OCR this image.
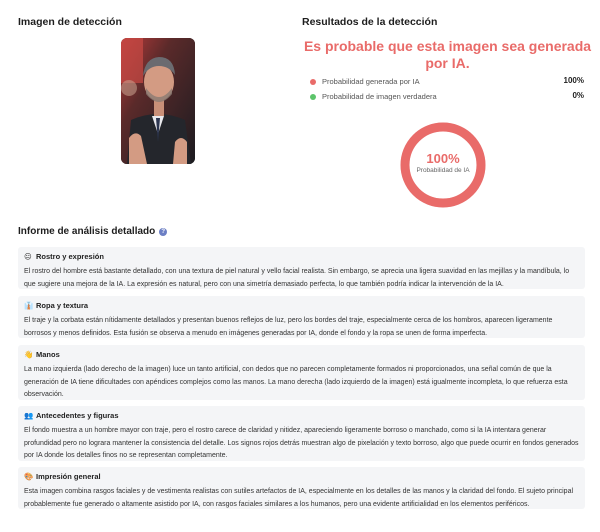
Imagen de detección	Resultados de la detección
Es probable que esta imagen sea generada por IA.
Probabilidad generada por IA	100%
Probabilidad de imagen verdadera	0%
100%
Probabilidad de IA
Informe de análisis detallado ?
😐 Rostro y expresión
El rostro del hombre está bastante detallado, con una textura de piel natural y vello facial realista. Sin embargo, se aprecia una ligera suavidad en las mejillas y la mandíbula, lo que sugiere una mejora de la IA. La expresión es natural, pero con una simetría demasiado perfecta, lo que también podría indicar la intervención de la IA.
👔 Ropa y textura
El traje y la corbata están nítidamente detallados y presentan buenos reflejos de luz, pero los bordes del traje, especialmente cerca de los hombros, aparecen ligeramente borrosos y menos definidos. Esta fusión se observa a menudo en imágenes generadas por IA, donde el fondo y la ropa se unen de forma imperfecta.
👋 Manos
La mano izquierda (lado derecho de la imagen) luce un tanto artificial, con dedos que no parecen completamente formados ni proporcionados, una señal común de que la generación de IA tiene dificultades con apéndices complejos como las manos. La mano derecha (lado izquierdo de la imagen) está igualmente incompleta, lo que refuerza esta observación.
👥 Antecedentes y figuras
El fondo muestra a un hombre mayor con traje, pero el rostro carece de claridad y nitidez, apareciendo ligeramente borroso o manchado, como si la IA intentara generar profundidad pero no lograra mantener la consistencia del detalle. Los signos rojos detrás muestran algo de pixelación y texto borroso, algo que puede ocurrir en fondos generados por IA donde los detalles finos no se representan completamente.
🎨 Impresión general
Esta imagen combina rasgos faciales y de vestimenta realistas con sutiles artefactos de IA, especialmente en los detalles de las manos y la claridad del fondo. El sujeto principal probablemente fue generado o altamente asistido por IA, con rasgos faciales similares a los humanos, pero una evidente artificialidad en los elementos periféricos.
